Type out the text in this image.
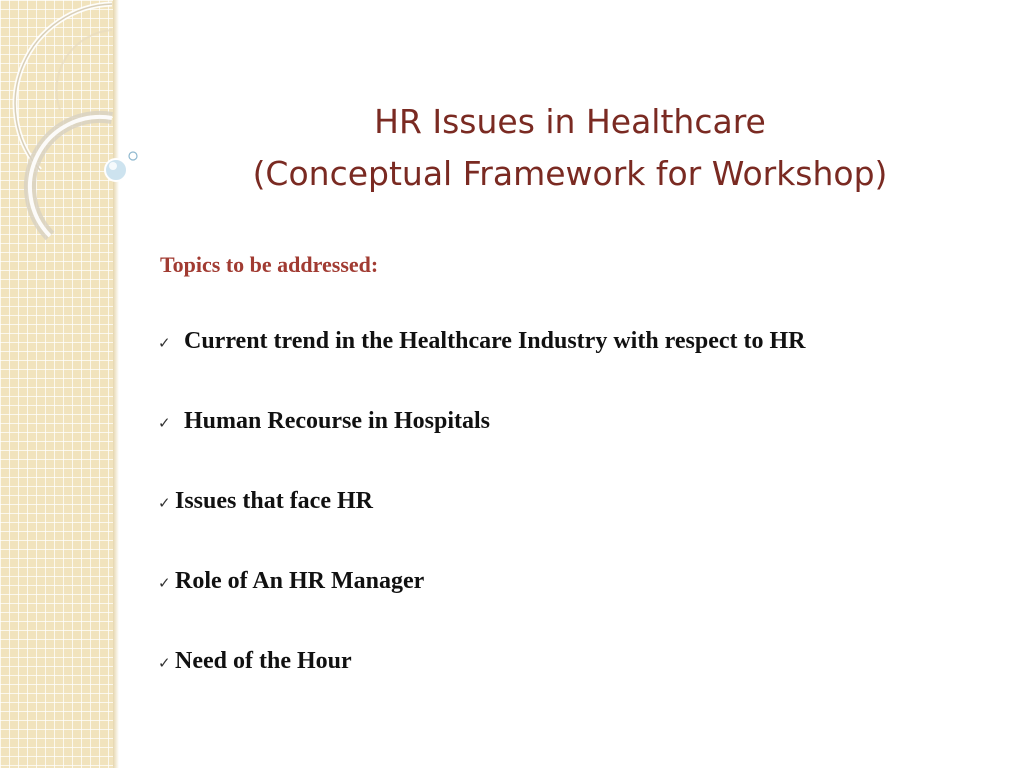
HR Issues in Healthcare
(Conceptual Framework for Workshop)
Topics to be addressed:
✓ Current trend in the Healthcare Industry with respect to HR
✓ Human Recourse in Hospitals
✓ Issues that face HR
✓ Role of An HR Manager
✓ Need of the Hour
